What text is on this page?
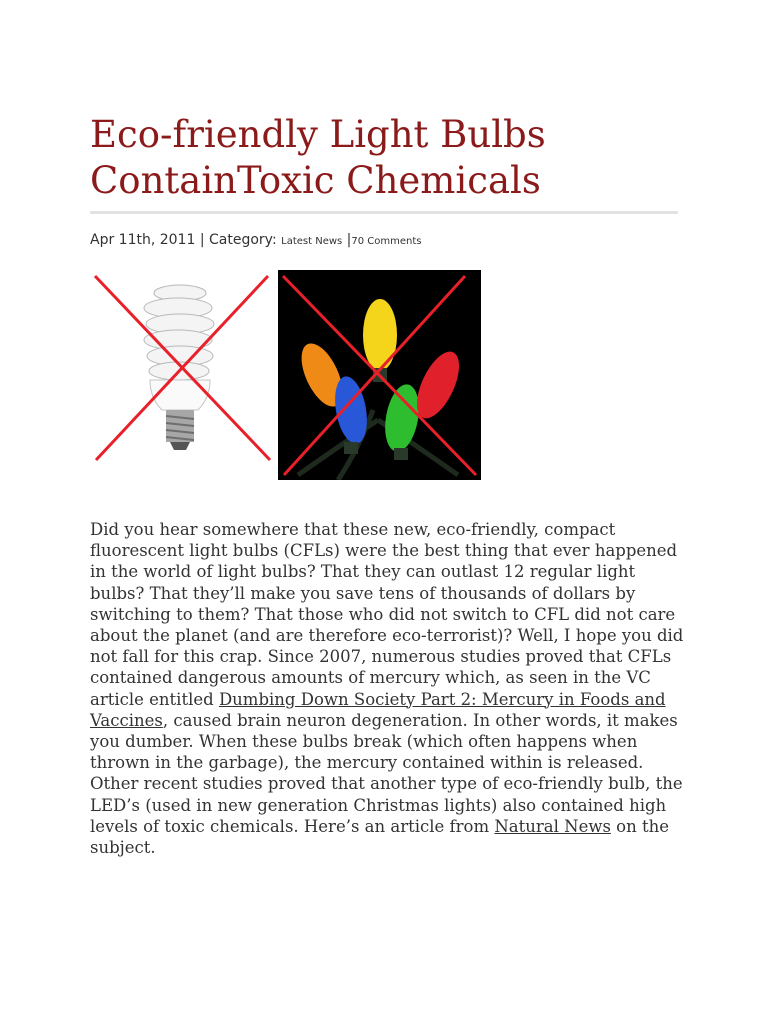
Eco-friendly Light Bulbs
ContainToxic Chemicals
Apr 11th, 2011 | Category: Latest News |70 Comments

Did you hear somewhere that these new, eco-friendly, compact fluorescent light bulbs (CFLs) were the best thing that ever happened in the world of light bulbs? That they can outlast 12 regular light bulbs? That they’ll make you save tens of thousands of dollars by switching to them? That those who did not switch to CFL did not care about the planet (and are therefore eco-terrorist)? Well, I hope you did not fall for this crap. Since 2007, numerous studies proved that CFLs contained dangerous amounts of mercury which, as seen in the VC article entitled Dumbing Down Society Part 2: Mercury in Foods and Vaccines, caused brain neuron degeneration. In other words, it makes you dumber. When these bulbs break (which often happens when thrown in the garbage), the mercury contained within is released.

Other recent studies proved that another type of eco-friendly bulb, the LED’s (used in new generation Christmas lights) also contained high levels of toxic chemicals. Here’s an article from Natural News on the subject.
